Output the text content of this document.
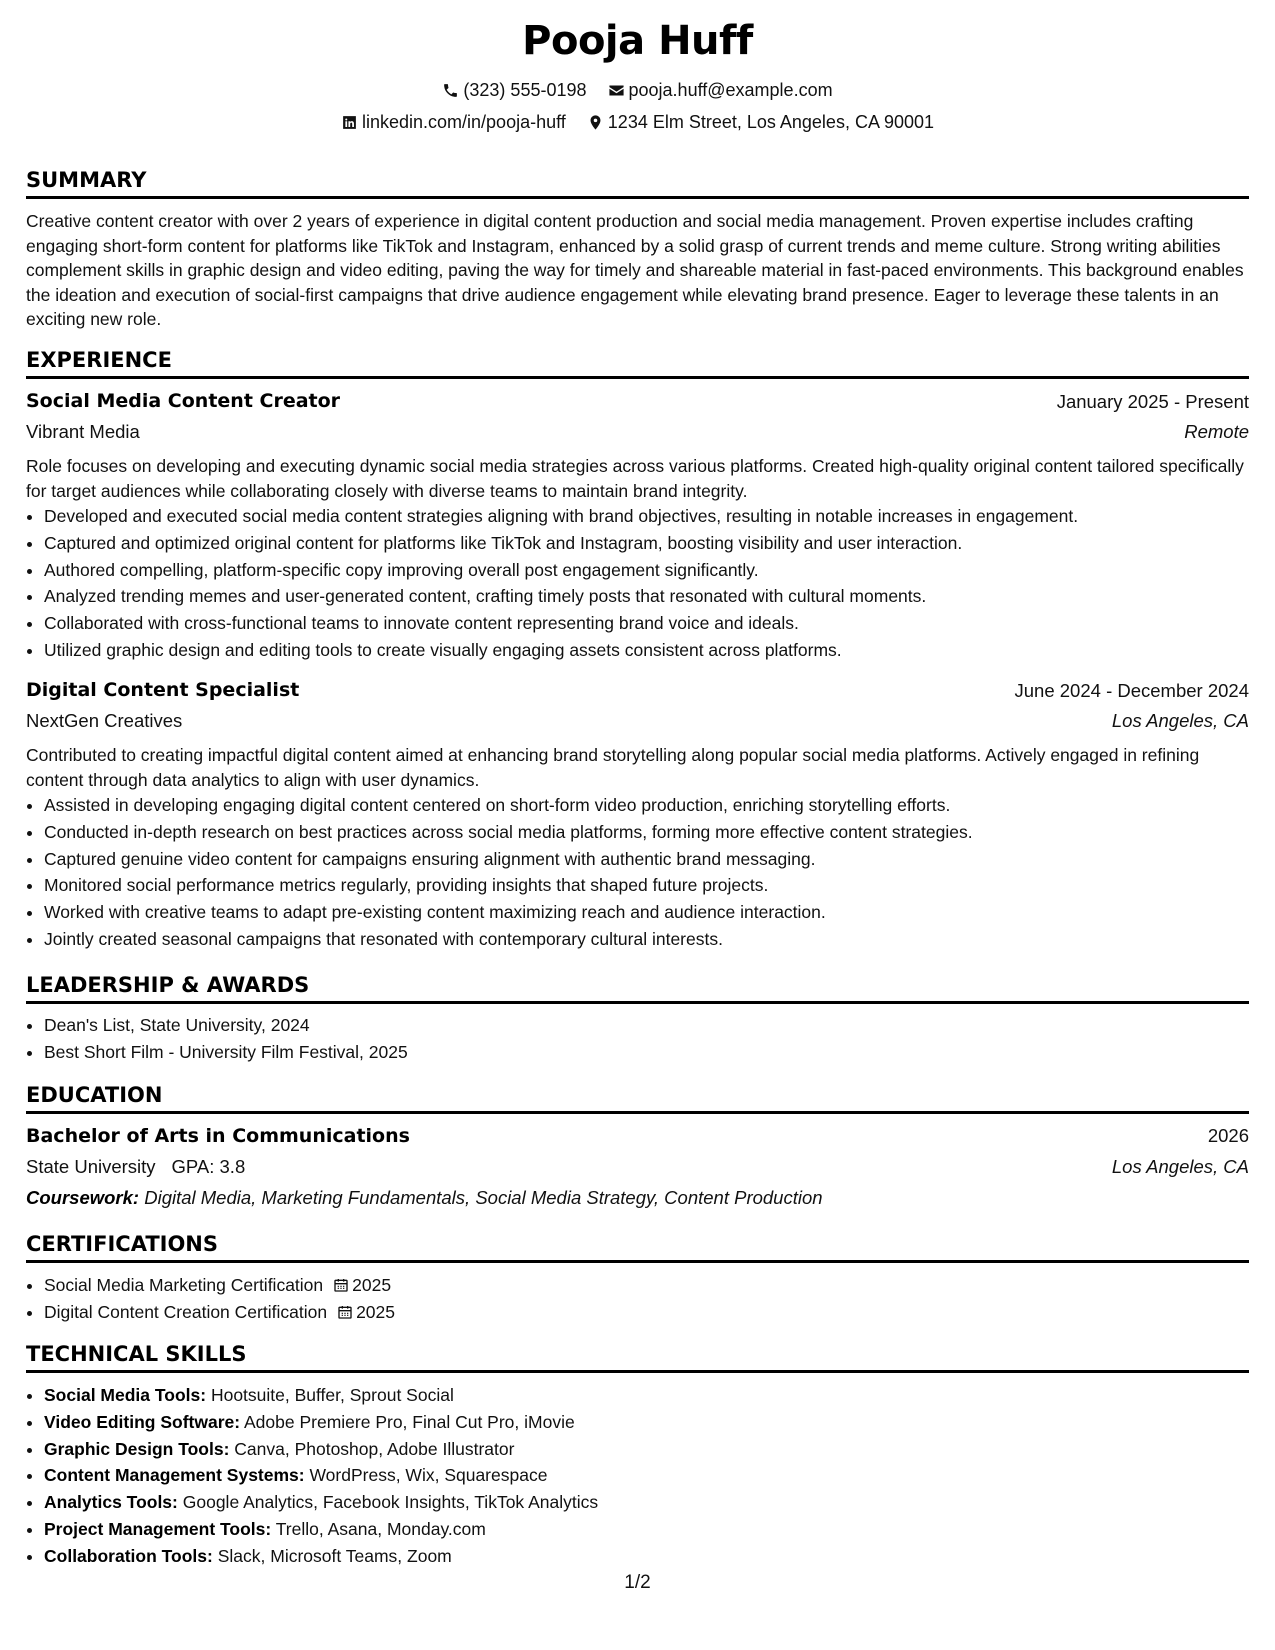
Pooja Huff
(323) 555-0198
pooja.huff@example.com
linkedin.com/in/pooja-huff
1234 Elm Street, Los Angeles, CA 90001
SUMMARY
Creative content creator with over 2 years of experience in digital content production and social media management. Proven expertise includes crafting engaging short-form content for platforms like TikTok and Instagram, enhanced by a solid grasp of current trends and meme culture. Strong writing abilities complement skills in graphic design and video editing, paving the way for timely and shareable material in fast-paced environments. This background enables the ideation and execution of social-first campaigns that drive audience engagement while elevating brand presence. Eager to leverage these talents in an exciting new role.
EXPERIENCE
Social Media Content Creator	January 2025 - Present
Vibrant Media	Remote
Role focuses on developing and executing dynamic social media strategies across various platforms. Created high-quality original content tailored specifically for target audiences while collaborating closely with diverse teams to maintain brand integrity.
• Developed and executed social media content strategies aligning with brand objectives, resulting in notable increases in engagement.
• Captured and optimized original content for platforms like TikTok and Instagram, boosting visibility and user interaction.
• Authored compelling, platform-specific copy improving overall post engagement significantly.
• Analyzed trending memes and user-generated content, crafting timely posts that resonated with cultural moments.
• Collaborated with cross-functional teams to innovate content representing brand voice and ideals.
• Utilized graphic design and editing tools to create visually engaging assets consistent across platforms.
Digital Content Specialist	June 2024 - December 2024
NextGen Creatives	Los Angeles, CA
Contributed to creating impactful digital content aimed at enhancing brand storytelling along popular social media platforms. Actively engaged in refining content through data analytics to align with user dynamics.
• Assisted in developing engaging digital content centered on short-form video production, enriching storytelling efforts.
• Conducted in-depth research on best practices across social media platforms, forming more effective content strategies.
• Captured genuine video content for campaigns ensuring alignment with authentic brand messaging.
• Monitored social performance metrics regularly, providing insights that shaped future projects.
• Worked with creative teams to adapt pre-existing content maximizing reach and audience interaction.
• Jointly created seasonal campaigns that resonated with contemporary cultural interests.
LEADERSHIP & AWARDS
• Dean's List, State University, 2024
• Best Short Film - University Film Festival, 2025
EDUCATION
Bachelor of Arts in Communications	2026
State University GPA: 3.8	Los Angeles, CA
Coursework: Digital Media, Marketing Fundamentals, Social Media Strategy, Content Production
CERTIFICATIONS
• Social Media Marketing Certification 2025
• Digital Content Creation Certification 2025
TECHNICAL SKILLS
• Social Media Tools: Hootsuite, Buffer, Sprout Social
• Video Editing Software: Adobe Premiere Pro, Final Cut Pro, iMovie
• Graphic Design Tools: Canva, Photoshop, Adobe Illustrator
• Content Management Systems: WordPress, Wix, Squarespace
• Analytics Tools: Google Analytics, Facebook Insights, TikTok Analytics
• Project Management Tools: Trello, Asana, Monday.com
• Collaboration Tools: Slack, Microsoft Teams, Zoom
1/2
